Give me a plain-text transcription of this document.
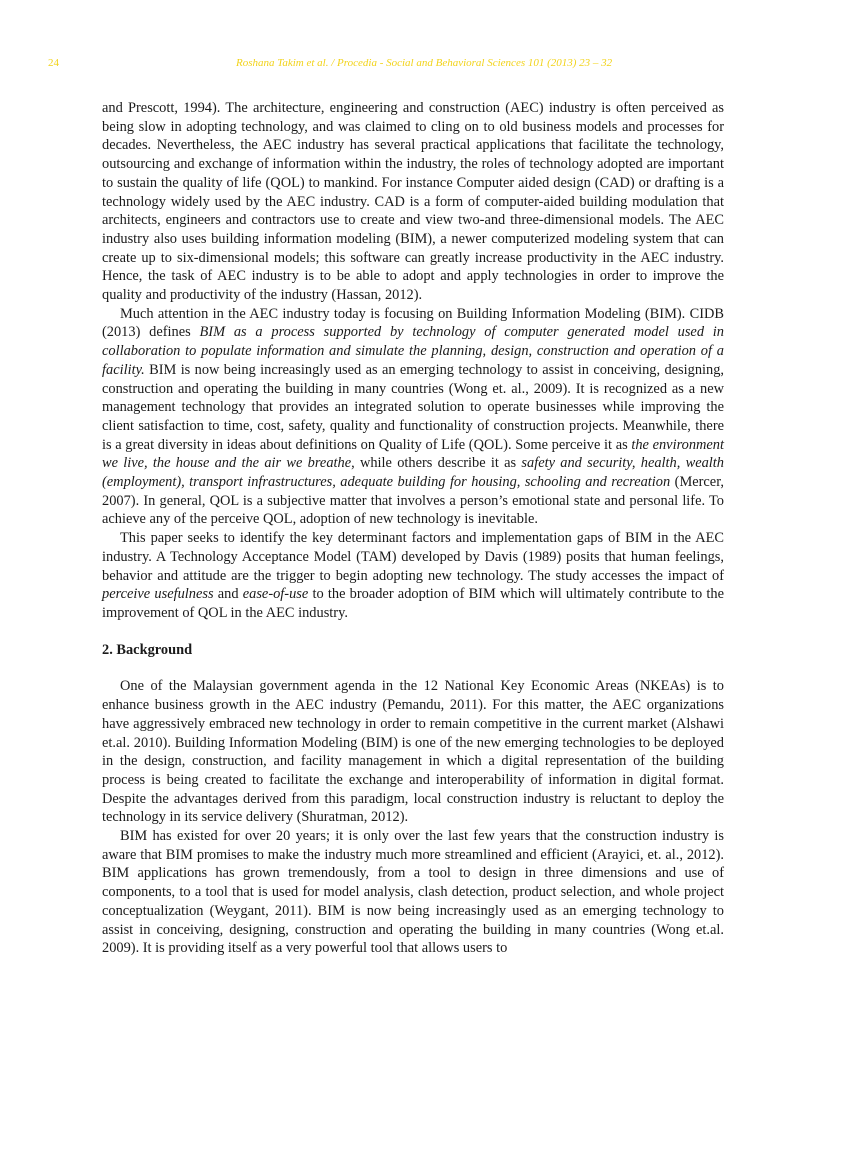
24	Roshana Takim et al. / Procedia - Social and Behavioral Sciences 101 (2013) 23 – 32

and Prescott, 1994). The architecture, engineering and construction (AEC) industry is often perceived as being slow in adopting technology, and was claimed to cling on to old business models and processes for decades. Nevertheless, the AEC industry has several practical applications that facilitate the technology, outsourcing and exchange of information within the industry, the roles of technology adopted are important to sustain the quality of life (QOL) to mankind. For instance Computer aided design (CAD) or drafting is a technology widely used by the AEC industry. CAD is a form of computer-aided building modulation that architects, engineers and contractors use to create and view two-and three-dimensional models. The AEC industry also uses building information modeling (BIM), a newer computerized modeling system that can create up to six-dimensional models; this software can greatly increase productivity in the AEC industry. Hence, the task of AEC industry is to be able to adopt and apply technologies in order to improve the quality and productivity of the industry (Hassan, 2012).

Much attention in the AEC industry today is focusing on Building Information Modeling (BIM). CIDB (2013) defines BIM as a process supported by technology of computer generated model used in collaboration to populate information and simulate the planning, design, construction and operation of a facility. BIM is now being increasingly used as an emerging technology to assist in conceiving, designing, construction and operating the building in many countries (Wong et. al., 2009). It is recognized as a new management technology that provides an integrated solution to operate businesses while improving the client satisfaction to time, cost, safety, quality and functionality of construction projects. Meanwhile, there is a great diversity in ideas about definitions on Quality of Life (QOL). Some perceive it as the environment we live, the house and the air we breathe, while others describe it as safety and security, health, wealth (employment), transport infrastructures, adequate building for housing, schooling and recreation (Mercer, 2007). In general, QOL is a subjective matter that involves a person’s emotional state and personal life. To achieve any of the perceive QOL, adoption of new technology is inevitable.

This paper seeks to identify the key determinant factors and implementation gaps of BIM in the AEC industry. A Technology Acceptance Model (TAM) developed by Davis (1989) posits that human feelings, behavior and attitude are the trigger to begin adopting new technology. The study accesses the impact of perceive usefulness and ease-of-use to the broader adoption of BIM which will ultimately contribute to the improvement of QOL in the AEC industry.

2. Background

One of the Malaysian government agenda in the 12 National Key Economic Areas (NKEAs) is to enhance business growth in the AEC industry (Pemandu, 2011). For this matter, the AEC organizations have aggressively embraced new technology in order to remain competitive in the current market (Alshawi et.al. 2010). Building Information Modeling (BIM) is one of the new emerging technologies to be deployed in the design, construction, and facility management in which a digital representation of the building process is being created to facilitate the exchange and interoperability of information in digital format. Despite the advantages derived from this paradigm, local construction industry is reluctant to deploy the technology in its service delivery (Shuratman, 2012).

BIM has existed for over 20 years; it is only over the last few years that the construction industry is aware that BIM promises to make the industry much more streamlined and efficient (Arayici, et. al., 2012). BIM applications has grown tremendously, from a tool to design in three dimensions and use of components, to a tool that is used for model analysis, clash detection, product selection, and whole project conceptualization (Weygant, 2011). BIM is now being increasingly used as an emerging technology to assist in conceiving, designing, construction and operating the building in many countries (Wong et.al. 2009). It is providing itself as a very powerful tool that allows users to
